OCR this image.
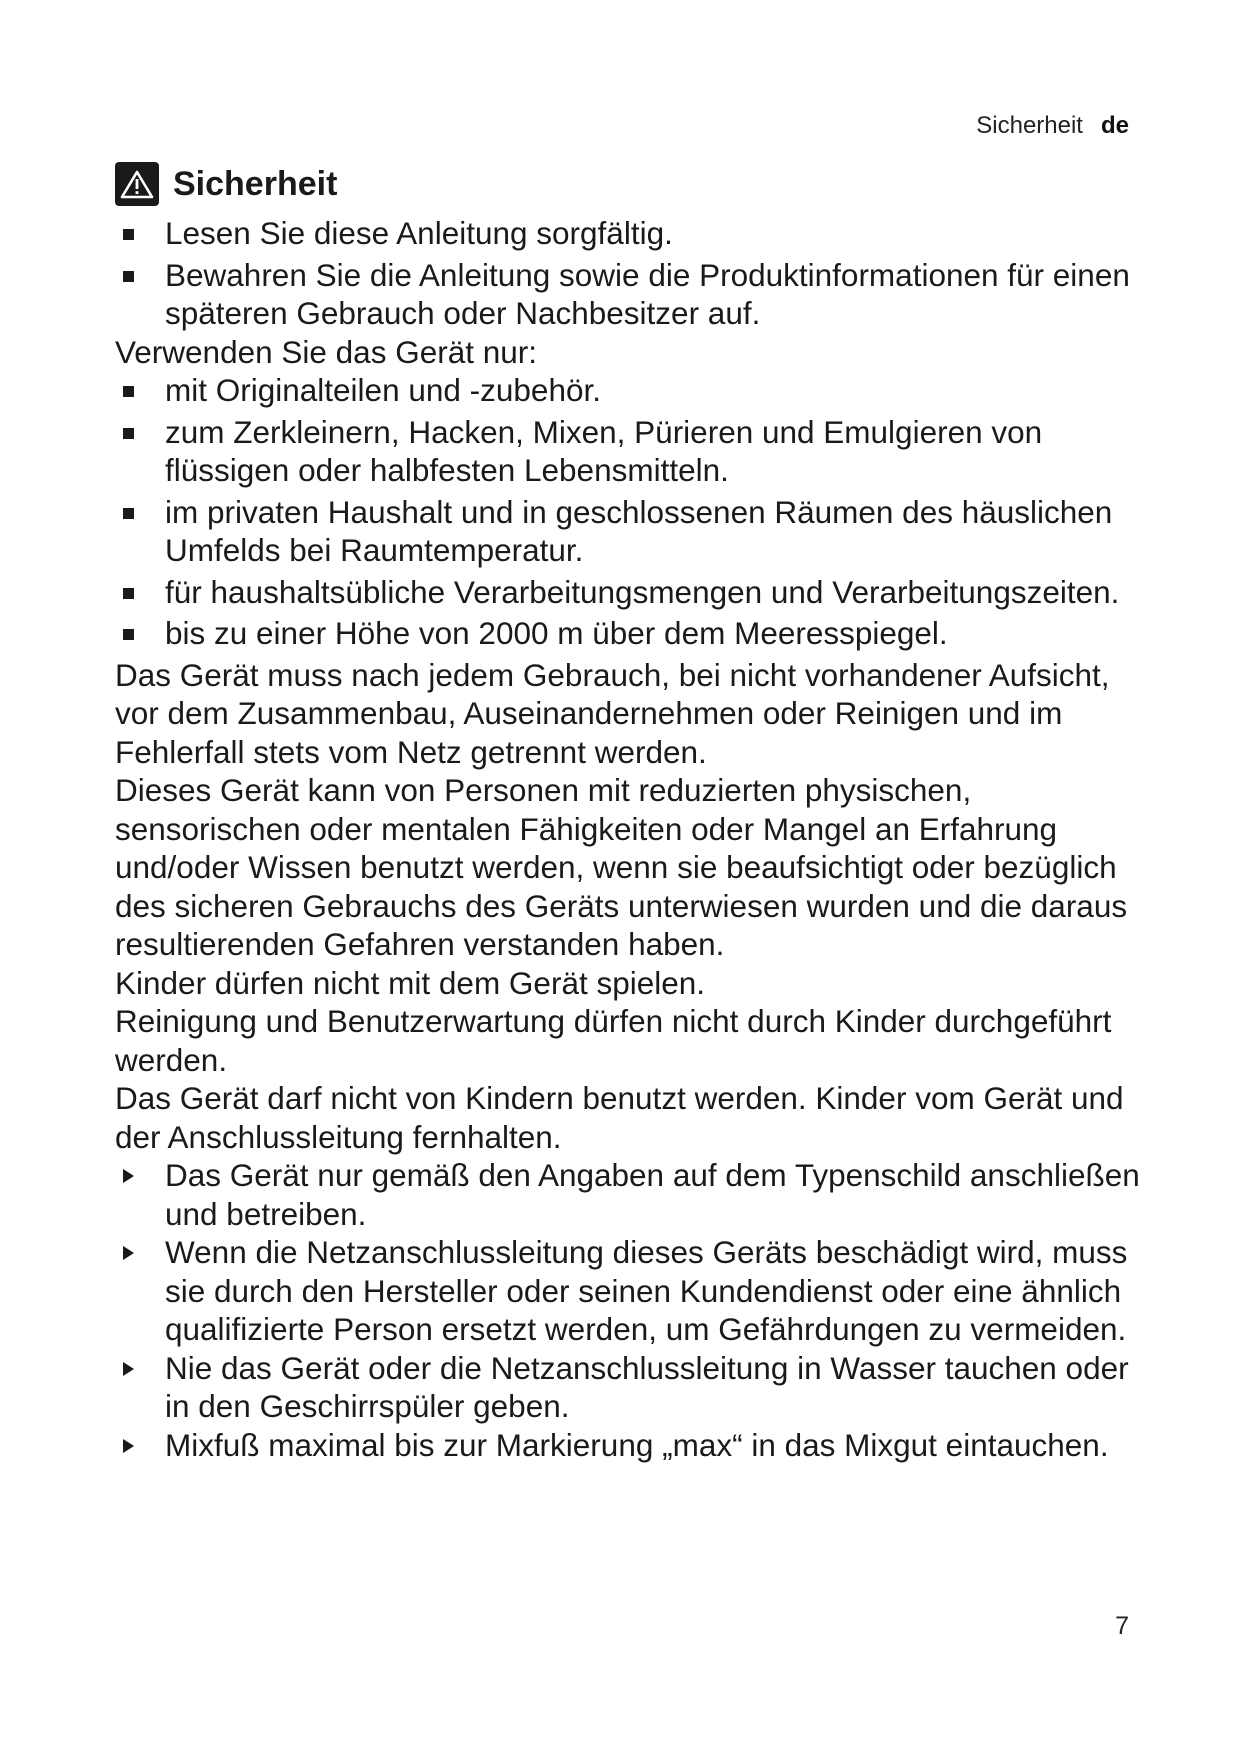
Sicherheit de
Sicherheit
Lesen Sie diese Anleitung sorgfältig.
Bewahren Sie die Anleitung sowie die Produktinformationen für einen späteren Gebrauch oder Nachbesitzer auf.

Verwenden Sie das Gerät nur:

mit Originalteilen und -zubehör.
zum Zerkleinern, Hacken, Mixen, Pürieren und Emulgieren von flüssigen oder halbfesten Lebensmitteln.
im privaten Haushalt und in geschlossenen Räumen des häuslichen Umfelds bei Raumtemperatur.
für haushaltsübliche Verarbeitungsmengen und Verarbeitungszeiten.
bis zu einer Höhe von 2000 m über dem Meeresspiegel.

Das Gerät muss nach jedem Gebrauch, bei nicht vorhandener Aufsicht, vor dem Zusammenbau, Auseinandernehmen oder Reinigen und im Fehlerfall stets vom Netz getrennt werden.

Dieses Gerät kann von Personen mit reduzierten physischen, sensorischen oder mentalen Fähigkeiten oder Mangel an Erfahrung und/oder Wissen benutzt werden, wenn sie beaufsichtigt oder bezüglich des sicheren Gebrauchs des Geräts unterwiesen wurden und die daraus resultierenden Gefahren verstanden haben.

Kinder dürfen nicht mit dem Gerät spielen.

Reinigung und Benutzerwartung dürfen nicht durch Kinder durchgeführt werden.

Das Gerät darf nicht von Kindern benutzt werden. Kinder vom Gerät und der Anschlussleitung fernhalten.

Das Gerät nur gemäß den Angaben auf dem Typenschild anschließen und betreiben.
Wenn die Netzanschlussleitung dieses Geräts beschädigt wird, muss sie durch den Hersteller oder seinen Kundendienst oder eine ähnlich qualifizierte Person ersetzt werden, um Gefährdungen zu vermeiden.
Nie das Gerät oder die Netzanschlussleitung in Wasser tauchen oder in den Geschirrspüler geben.
Mixfuß maximal bis zur Markierung „max“ in das Mixgut eintauchen.
7
